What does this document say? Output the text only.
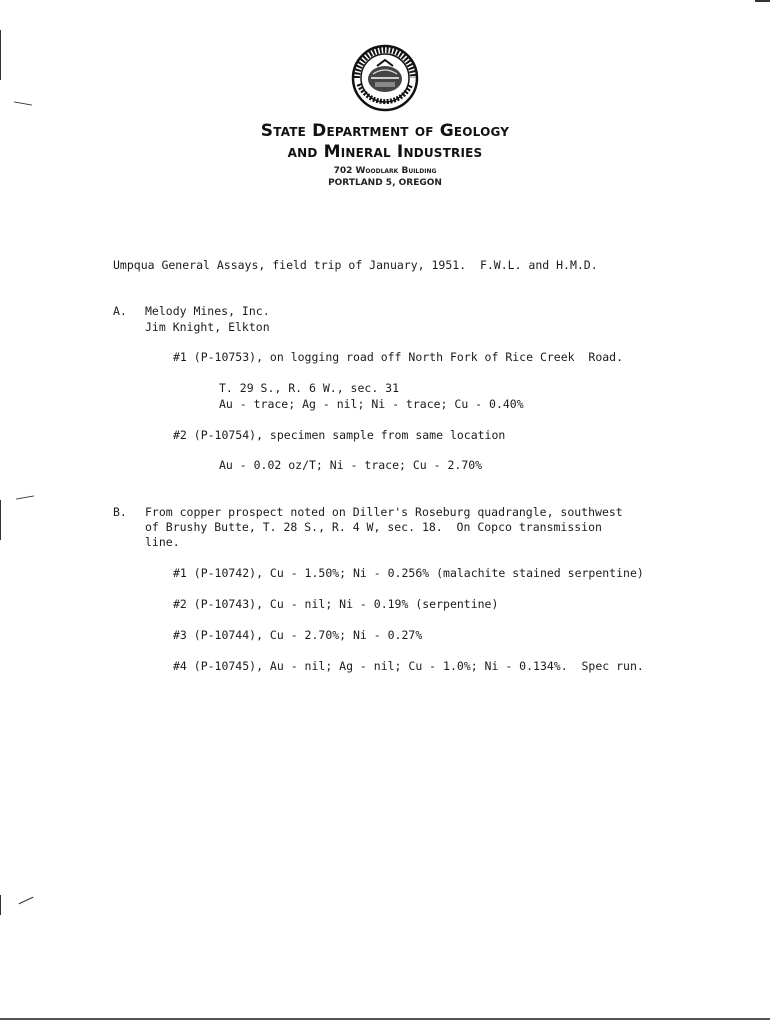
State Department of Geology
and Mineral Industries
702 Woodlark Building
PORTLAND 5, OREGON
Umpqua General Assays, field trip of January, 1951.  F.W.L. and H.M.D.
A. Melody Mines, Inc.
Jim Knight, Elkton
#1 (P-10753), on logging road off North Fork of Rice Creek  Road.
T. 29 S., R. 6 W., sec. 31
Au - trace; Ag - nil; Ni - trace; Cu - 0.40%
#2 (P-10754), specimen sample from same location
Au - 0.02 oz/T; Ni - trace; Cu - 2.70%
B. From copper prospect noted on Diller's Roseburg quadrangle, southwest
of Brushy Butte, T. 28 S., R. 4 W, sec. 18.  On Copco transmission
line.
#1 (P-10742), Cu - 1.50%; Ni - 0.256% (malachite stained serpentine)
#2 (P-10743), Cu - nil; Ni - 0.19% (serpentine)
#3 (P-10744), Cu - 2.70%; Ni - 0.27%
#4 (P-10745), Au - nil; Ag - nil; Cu - 1.0%; Ni - 0.134%.  Spec run.
